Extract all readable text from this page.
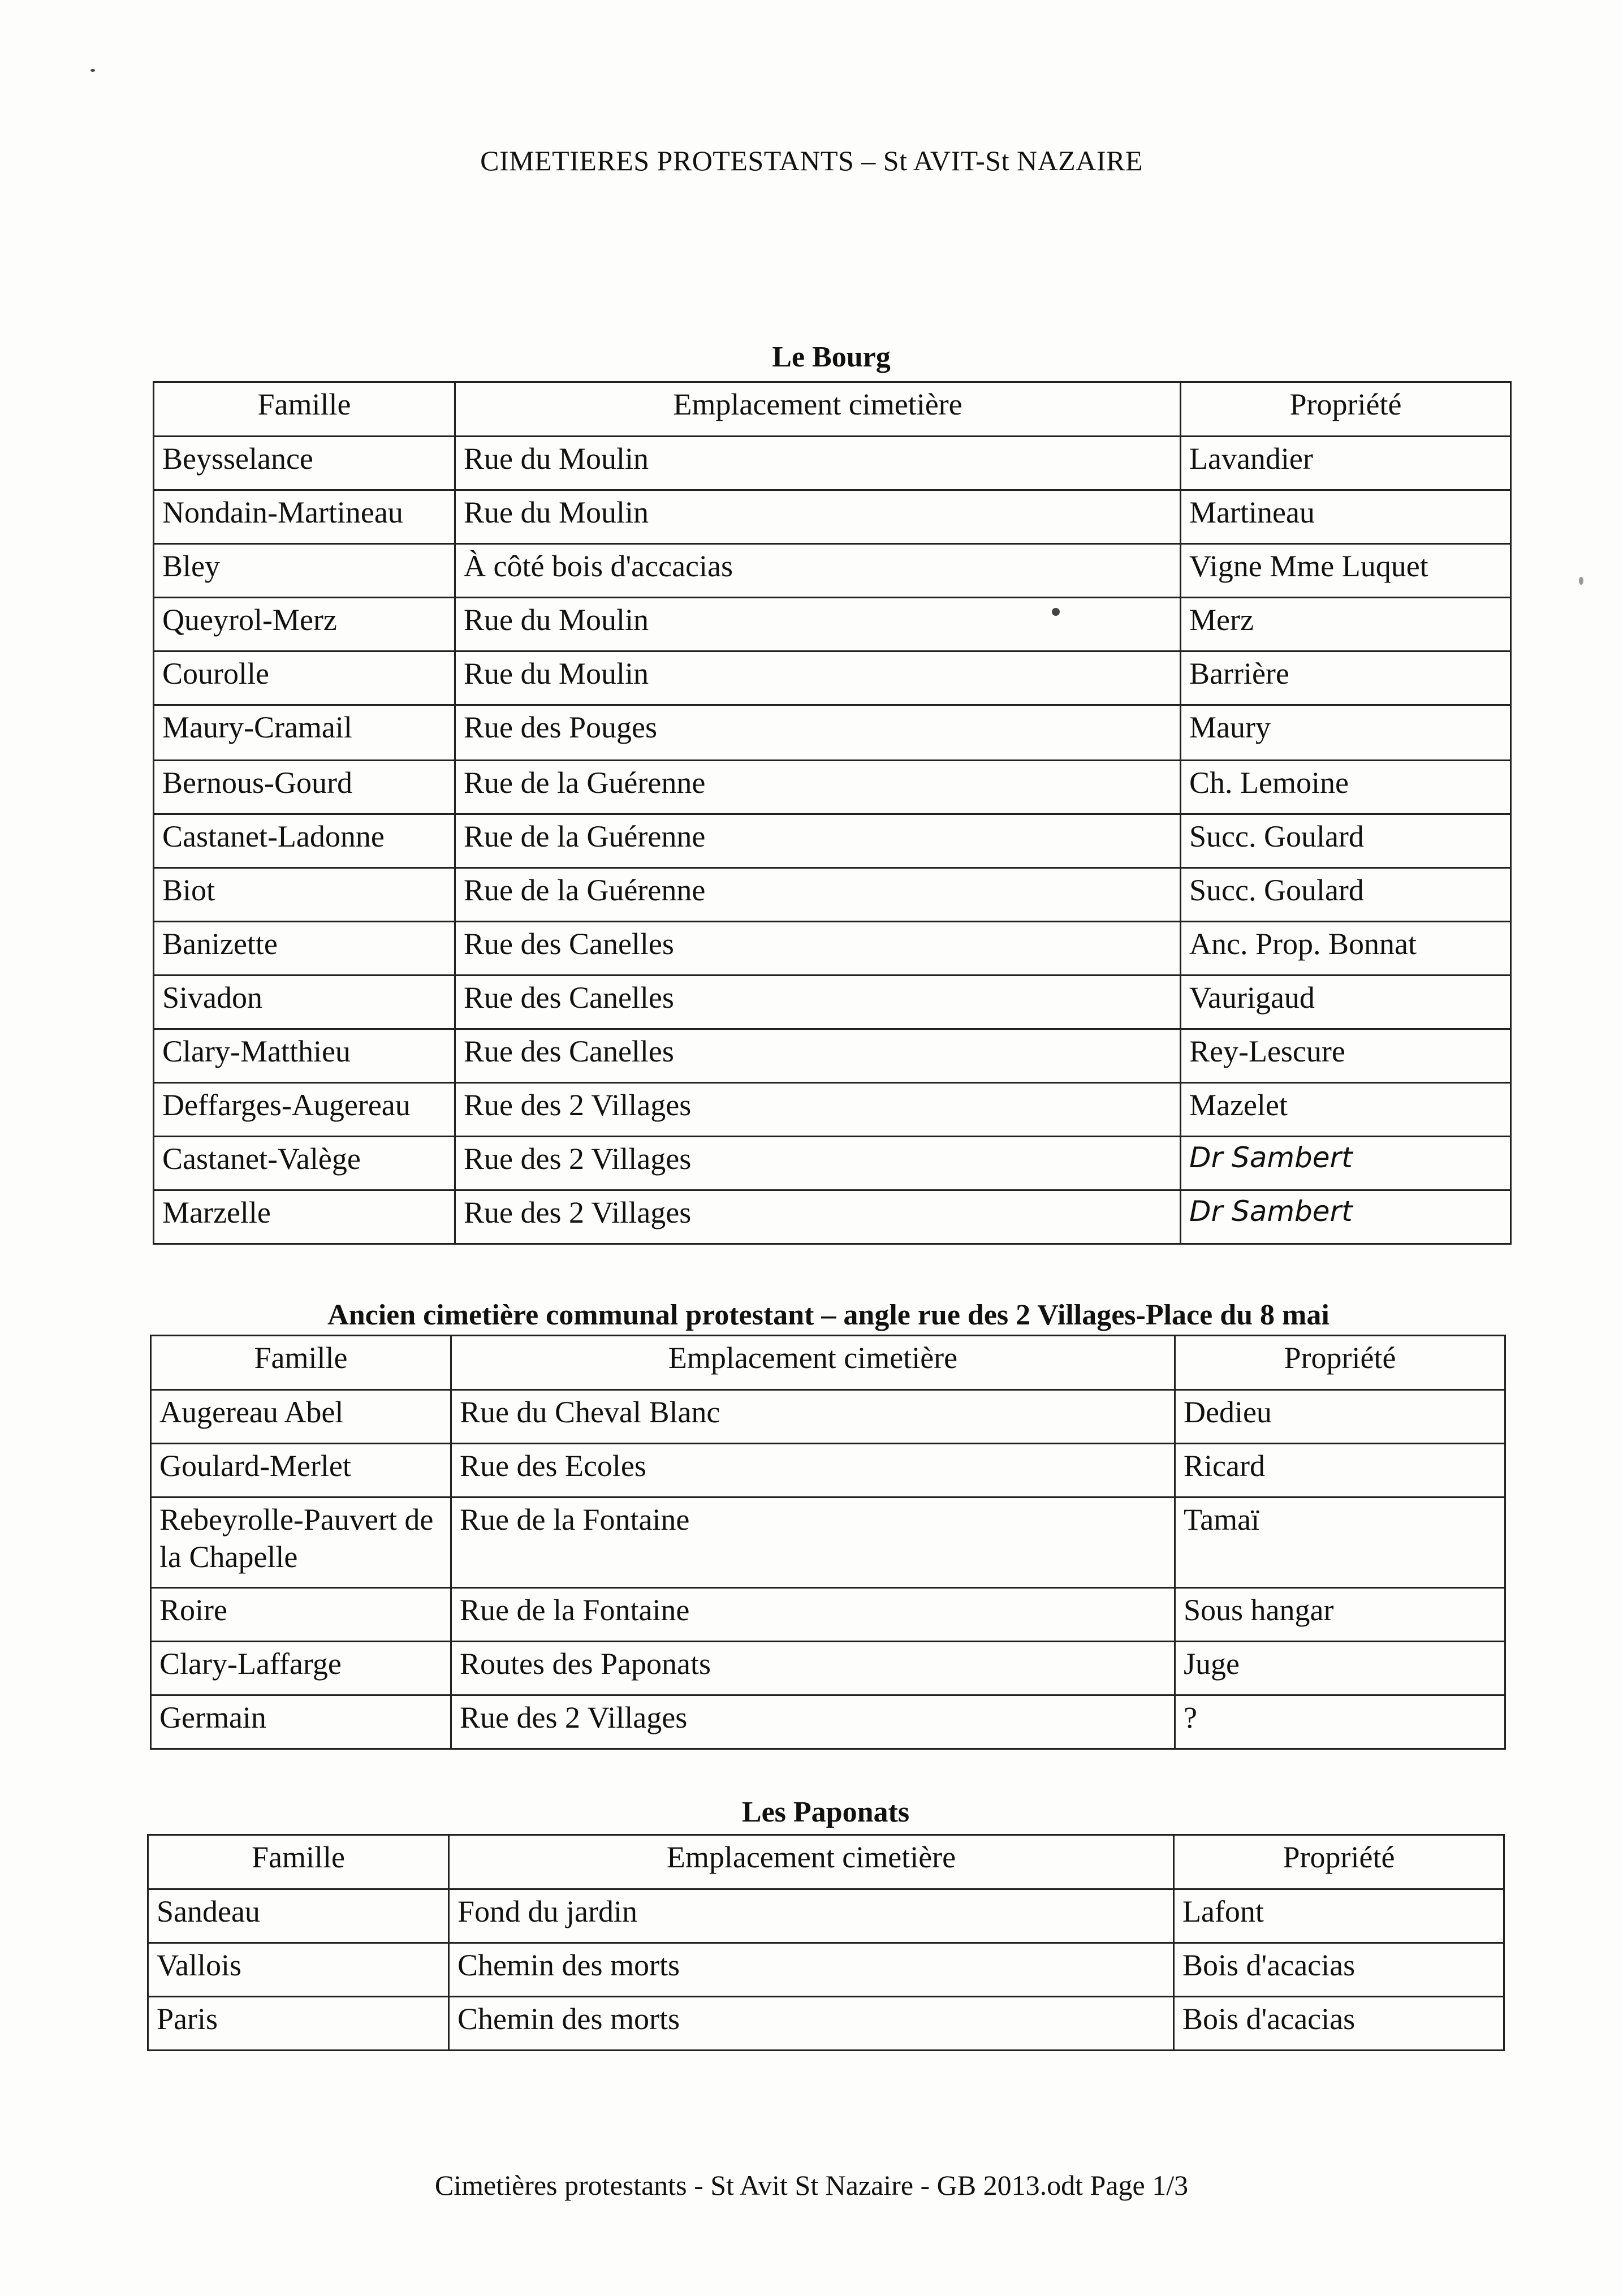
CIMETIERES PROTESTANTS – St AVIT-St NAZAIRE
Le Bourg
Famille	Emplacement cimetière	Propriété
Beysselance	Rue du Moulin	Lavandier
Nondain-Martineau	Rue du Moulin	Martineau
Bley	À côté bois d'accacias	Vigne Mme Luquet
Queyrol-Merz	Rue du Moulin	Merz
Courolle	Rue du Moulin	Barrière
Maury-Cramail	Rue des Pouges	Maury
Bernous-Gourd	Rue de la Guérenne	Ch. Lemoine
Castanet-Ladonne	Rue de la Guérenne	Succ. Goulard
Biot	Rue de la Guérenne	Succ. Goulard
Banizette	Rue des Canelles	Anc. Prop. Bonnat
Sivadon	Rue des Canelles	Vaurigaud
Clary-Matthieu	Rue des Canelles	Rey-Lescure
Deffarges-Augereau	Rue des 2 Villages	Mazelet
Castanet-Valège	Rue des 2 Villages	Dr Sambert
Marzelle	Rue des 2 Villages	Dr Sambert
Ancien cimetière communal protestant – angle rue des 2 Villages-Place du 8 mai
Famille	Emplacement cimetière	Propriété
Augereau Abel	Rue du Cheval Blanc	Dedieu
Goulard-Merlet	Rue des Ecoles	Ricard
Rebeyrolle-Pauvert de la Chapelle	Rue de la Fontaine	Tamaï
Roire	Rue de la Fontaine	Sous hangar
Clary-Laffarge	Routes des Paponats	Juge
Germain	Rue des 2 Villages	?
Les Paponats
Famille	Emplacement cimetière	Propriété
Sandeau	Fond du jardin	Lafont
Vallois	Chemin des morts	Bois d'acacias
Paris	Chemin des morts	Bois d'acacias
Cimetières protestants - St Avit St Nazaire - GB 2013.odt Page 1/3
